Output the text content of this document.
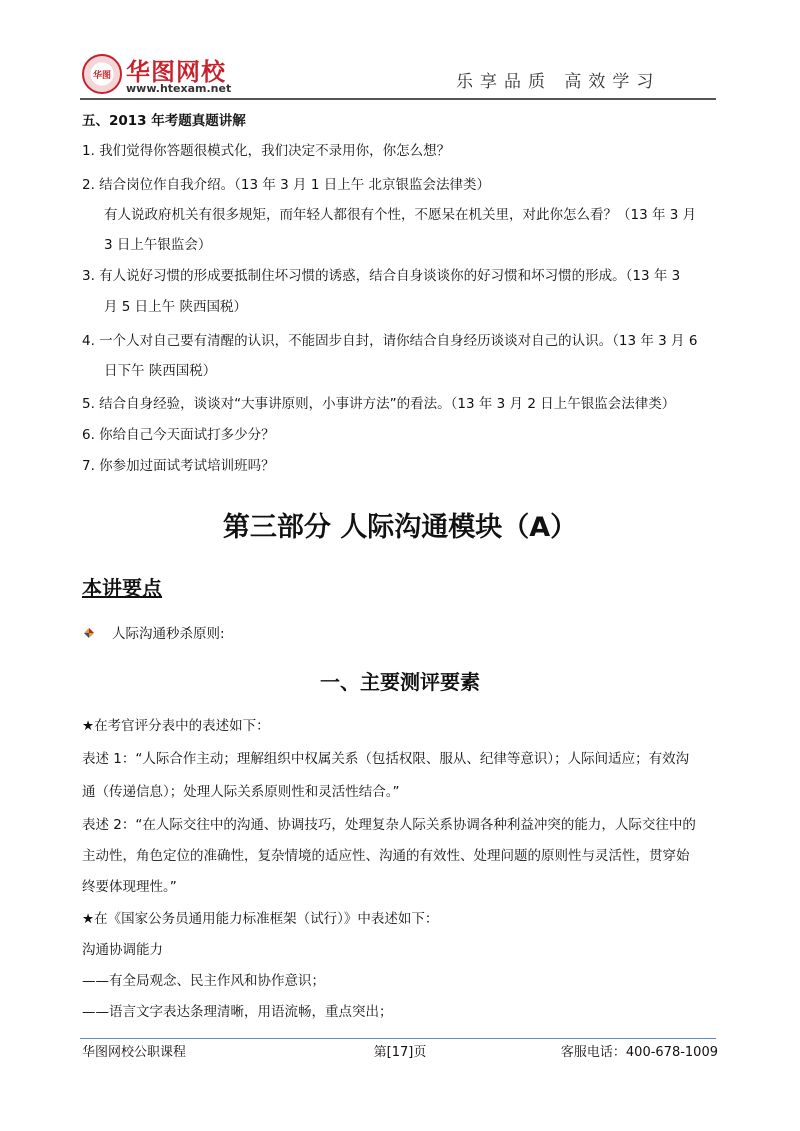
华图 华图网校
www.htexam.net	乐享品质 高效学习
五、2013 年考题真题讲解
1. 我们觉得你答题很模式化，我们决定不录用你，你怎么想？
2. 结合岗位作自我介绍。（13 年 3 月 1 日上午 北京银监会法律类）
有人说政府机关有很多规矩，而年轻人都很有个性，不愿呆在机关里，对此你怎么看？（13 年 3 月
3 日上午银监会）
3. 有人说好习惯的形成要抵制住坏习惯的诱惑，结合自身谈谈你的好习惯和坏习惯的形成。（13 年 3
月 5 日上午 陕西国税）
4. 一个人对自己要有清醒的认识，不能固步自封，请你结合自身经历谈谈对自己的认识。（13 年 3 月 6
日下午 陕西国税）
5. 结合自身经验，谈谈对“大事讲原则，小事讲方法”的看法。（13 年 3 月 2 日上午银监会法律类）
6. 你给自己今天面试打多少分？
7. 你参加过面试考试培训班吗？
第三部分 人际沟通模块（A）
本讲要点
人际沟通秒杀原则:
一、主要测评要素
★在考官评分表中的表述如下：
表述 1：“人际合作主动；理解组织中权属关系（包括权限、服从、纪律等意识）；人际间适应；有效沟
通（传递信息）；处理人际关系原则性和灵活性结合。”
表述 2：“在人际交往中的沟通、协调技巧，处理复杂人际关系协调各种利益冲突的能力，人际交往中的
主动性，角色定位的准确性，复杂情境的适应性、沟通的有效性、处理问题的原则性与灵活性，贯穿始
终要体现理性。”
★在《国家公务员通用能力标准框架（试行）》中表述如下：
沟通协调能力
——有全局观念、民主作风和协作意识；
——语言文字表达条理清晰，用语流畅，重点突出；
华图网校公职课程	第[17]页	客服电话：400-678-1009
